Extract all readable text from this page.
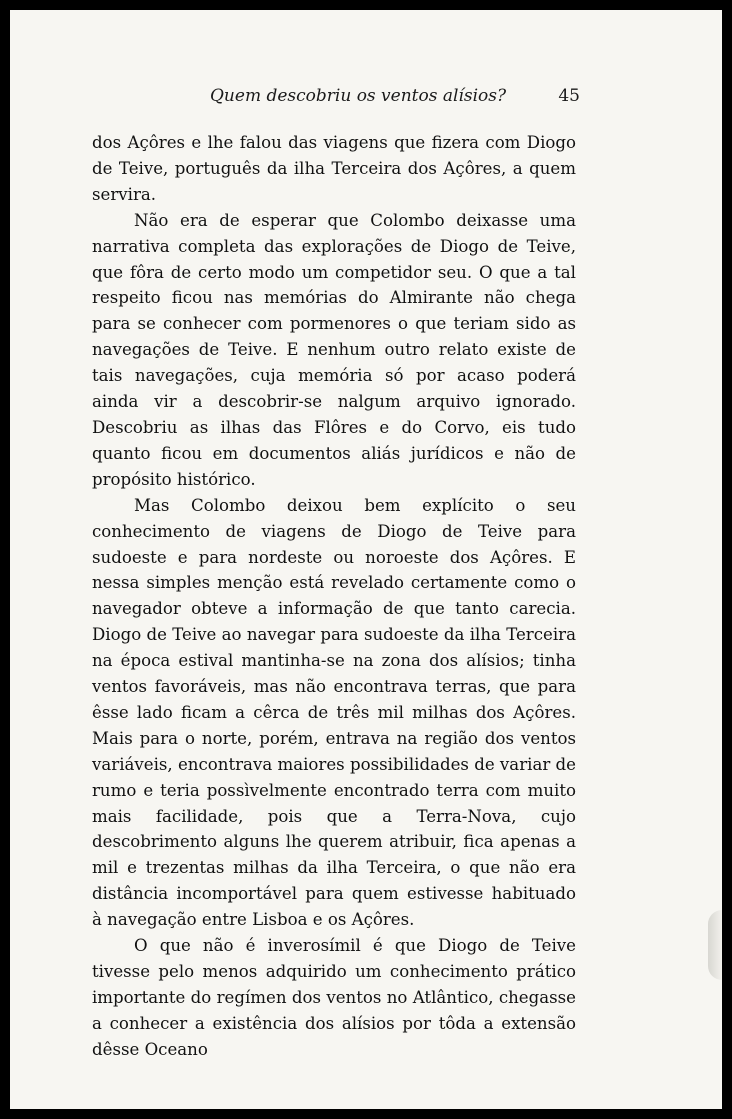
Quem descobriu os ventos alísios?	45

dos Açôres e lhe falou das viagens que fizera com Diogo de Teive, português da ilha Terceira dos Açôres, a quem servira.

Não era de esperar que Colombo deixasse uma narrativa completa das explorações de Diogo de Teive, que fôra de certo modo um competidor seu. O que a tal respeito ficou nas memórias do Almirante não chega para se conhecer com pormenores o que teriam sido as navegações de Teive. E nenhum outro relato existe de tais navegações, cuja memória só por acaso poderá ainda vir a descobrir-se nalgum arquivo ignorado. Descobriu as ilhas das Flôres e do Corvo, eis tudo quanto ficou em documentos aliás jurídicos e não de propósito histórico.

Mas Colombo deixou bem explícito o seu conhecimento de viagens de Diogo de Teive para sudoeste e para nordeste ou noroeste dos Açôres. E nessa simples menção está revelado certamente como o navegador obteve a informação de que tanto carecia. Diogo de Teive ao navegar para sudoeste da ilha Terceira na época estival mantinha-se na zona dos alísios; tinha ventos favoráveis, mas não encontrava terras, que para êsse lado ficam a cêrca de três mil milhas dos Açôres. Mais para o norte, porém, entrava na região dos ventos variáveis, encontrava maiores possibilidades de variar de rumo e teria possìvelmente encontrado terra com muito mais facilidade, pois que a Terra-Nova, cujo descobrimento alguns lhe querem atribuir, fica apenas a mil e trezentas milhas da ilha Terceira, o que não era distância incomportável para quem estivesse habituado à navegação entre Lisboa e os Açôres.

O que não é inverosímil é que Diogo de Teive tivesse pelo menos adquirido um conhecimento prático importante do regímen dos ventos no Atlântico, chegasse a conhecer a existência dos alísios por tôda a extensão dêsse Oceano
